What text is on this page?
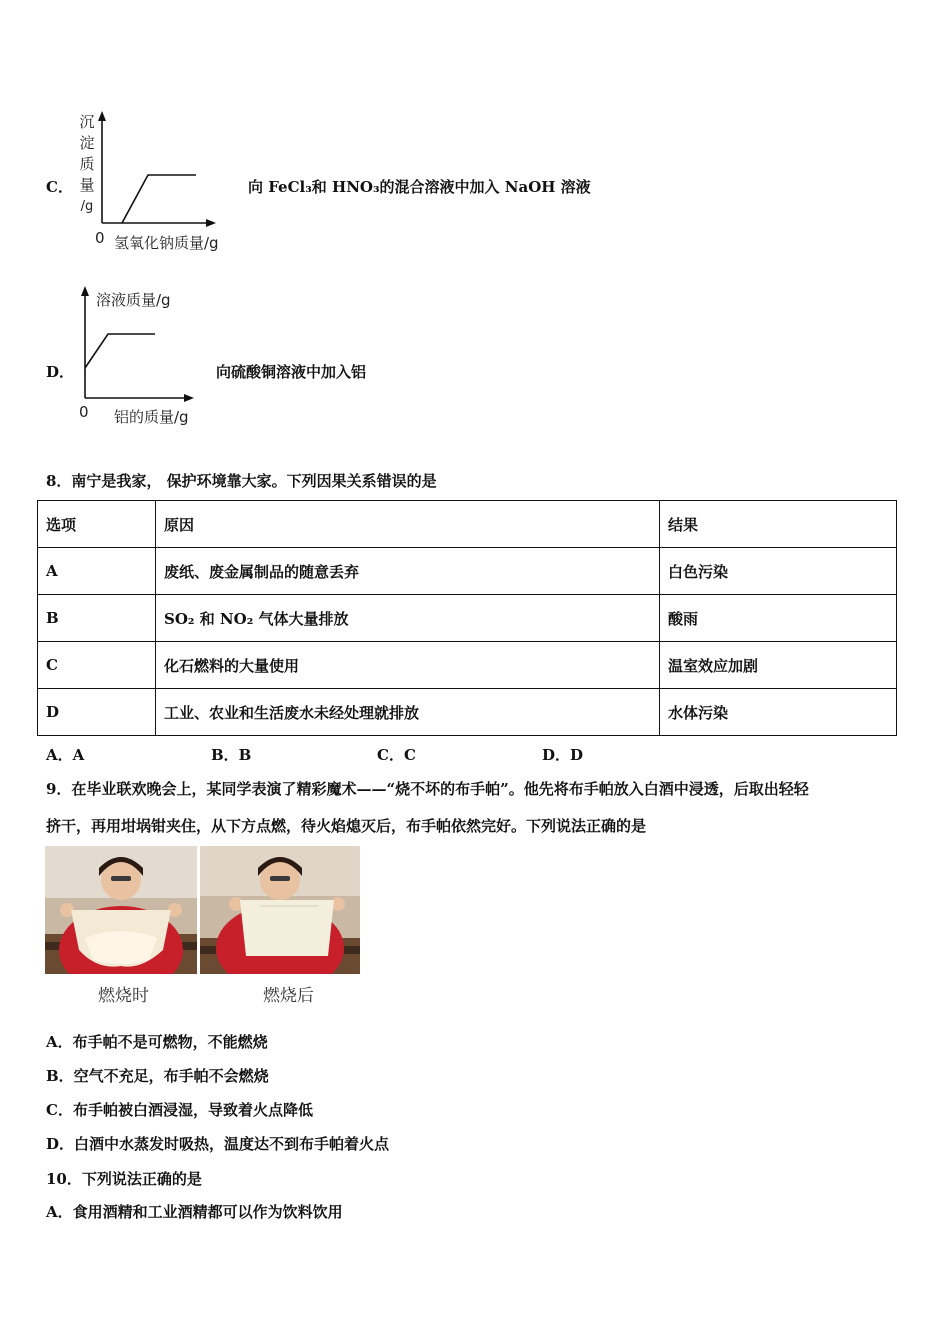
C．
沉
淀
质
量
/g
0 氢氧化钠质量/g
向 FeCl₃和 HNO₃的混合溶液中加入 NaOH 溶液
D．
溶液质量/g
0 铝的质量/g
向硫酸铜溶液中加入铝
8．南宁是我家， 保护环境靠大家。下列因果关系错误的是
选项	原因	结果
A	废纸、废金属制品的随意丢弃	白色污染
B	SO₂ 和 NO₂ 气体大量排放	酸雨
C	化石燃料的大量使用	温室效应加剧
D	工业、农业和生活废水未经处理就排放	水体污染
A．A	B．B	C．C	D．D
9．在毕业联欢晚会上，某同学表演了精彩魔术——“烧不坏的布手帕”。他先将布手帕放入白酒中浸透，后取出轻轻
挤干，再用坩埚钳夹住，从下方点燃，待火焰熄灭后，布手帕依然完好。下列说法正确的是
燃烧时	燃烧后
A．布手帕不是可燃物，不能燃烧
B．空气不充足，布手帕不会燃烧
C．布手帕被白酒浸湿，导致着火点降低
D．白酒中水蒸发时吸热，温度达不到布手帕着火点
10．下列说法正确的是
A．食用酒精和工业酒精都可以作为饮料饮用
